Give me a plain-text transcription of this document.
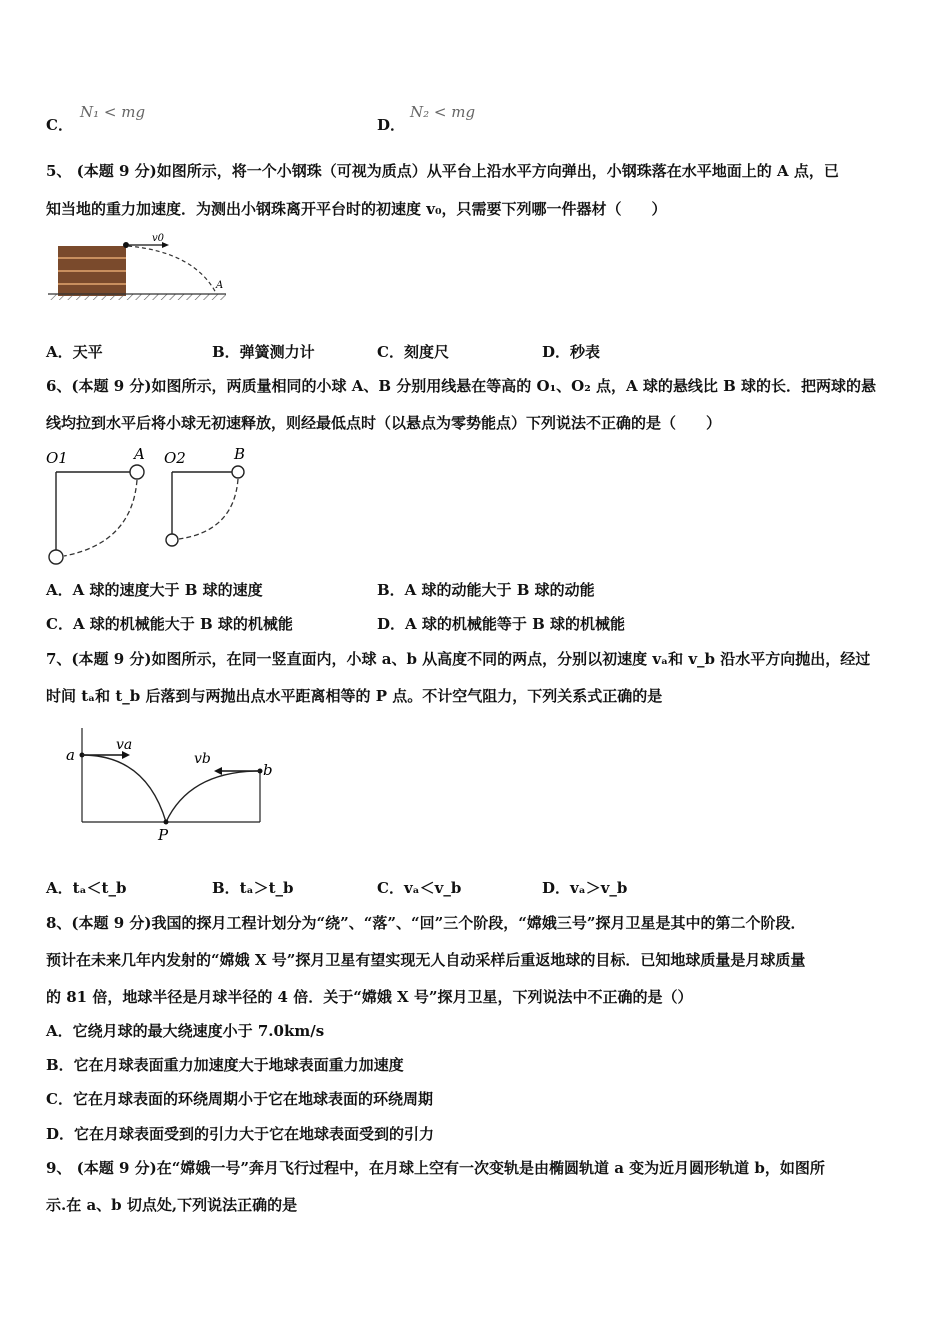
C．
N₁ < mg
D．
N₂ < mg
5、 (本题 9 分)如图所示，将一个小钢珠（可视为质点）从平台上沿水平方向弹出，小钢珠落在水平地面上的 A 点，已
知当地的重力加速度．为测出小钢珠离开平台时的初速度 v₀，只需要下列哪一件器材（　　）
v0
A
A．天平	B．弹簧测力计	C．刻度尺	D．秒表
6、(本题 9 分)如图所示，两质量相同的小球 A、B 分别用线悬在等高的 O₁、O₂ 点，A 球的悬线比 B 球的长．把两球的悬
线均拉到水平后将小球无初速释放，则经最低点时（以悬点为零势能点）下列说法不正确的是（　　）
O1	A O2	B
A．A 球的速度大于 B 球的速度	B．A 球的动能大于 B 球的动能
C．A 球的机械能大于 B 球的机械能	D．A 球的机械能等于 B 球的机械能
7、(本题 9 分)如图所示，在同一竖直面内，小球 a、b 从高度不同的两点，分别以初速度 vₐ和 v_b 沿水平方向抛出，经过
时间 tₐ和 t_b 后落到与两抛出点水平距离相等的 P 点。不计空气阻力，下列关系式正确的是
a
va
b
vb
P
A．tₐ＜t_b	B．tₐ＞t_b	C．vₐ＜v_b	D．vₐ＞v_b
8、(本题 9 分)我国的探月工程计划分为“绕”、“落”、“回”三个阶段，“嫦娥三号”探月卫星是其中的第二个阶段．
预计在未来几年内发射的“嫦娥 X 号”探月卫星有望实现无人自动采样后重返地球的目标．已知地球质量是月球质量
的 81 倍，地球半径是月球半径的 4 倍．关于“嫦娥 X 号”探月卫星，下列说法中不正确的是（）
A．它绕月球的最大绕速度小于 7.0km/s
B．它在月球表面重力加速度大于地球表面重力加速度
C．它在月球表面的环绕周期小于它在地球表面的环绕周期
D．它在月球表面受到的引力大于它在地球表面受到的引力
9、 (本题 9 分)在“嫦娥一号”奔月飞行过程中，在月球上空有一次变轨是由椭圆轨道 a 变为近月圆形轨道 b，如图所
示.在 a、b 切点处,下列说法正确的是
